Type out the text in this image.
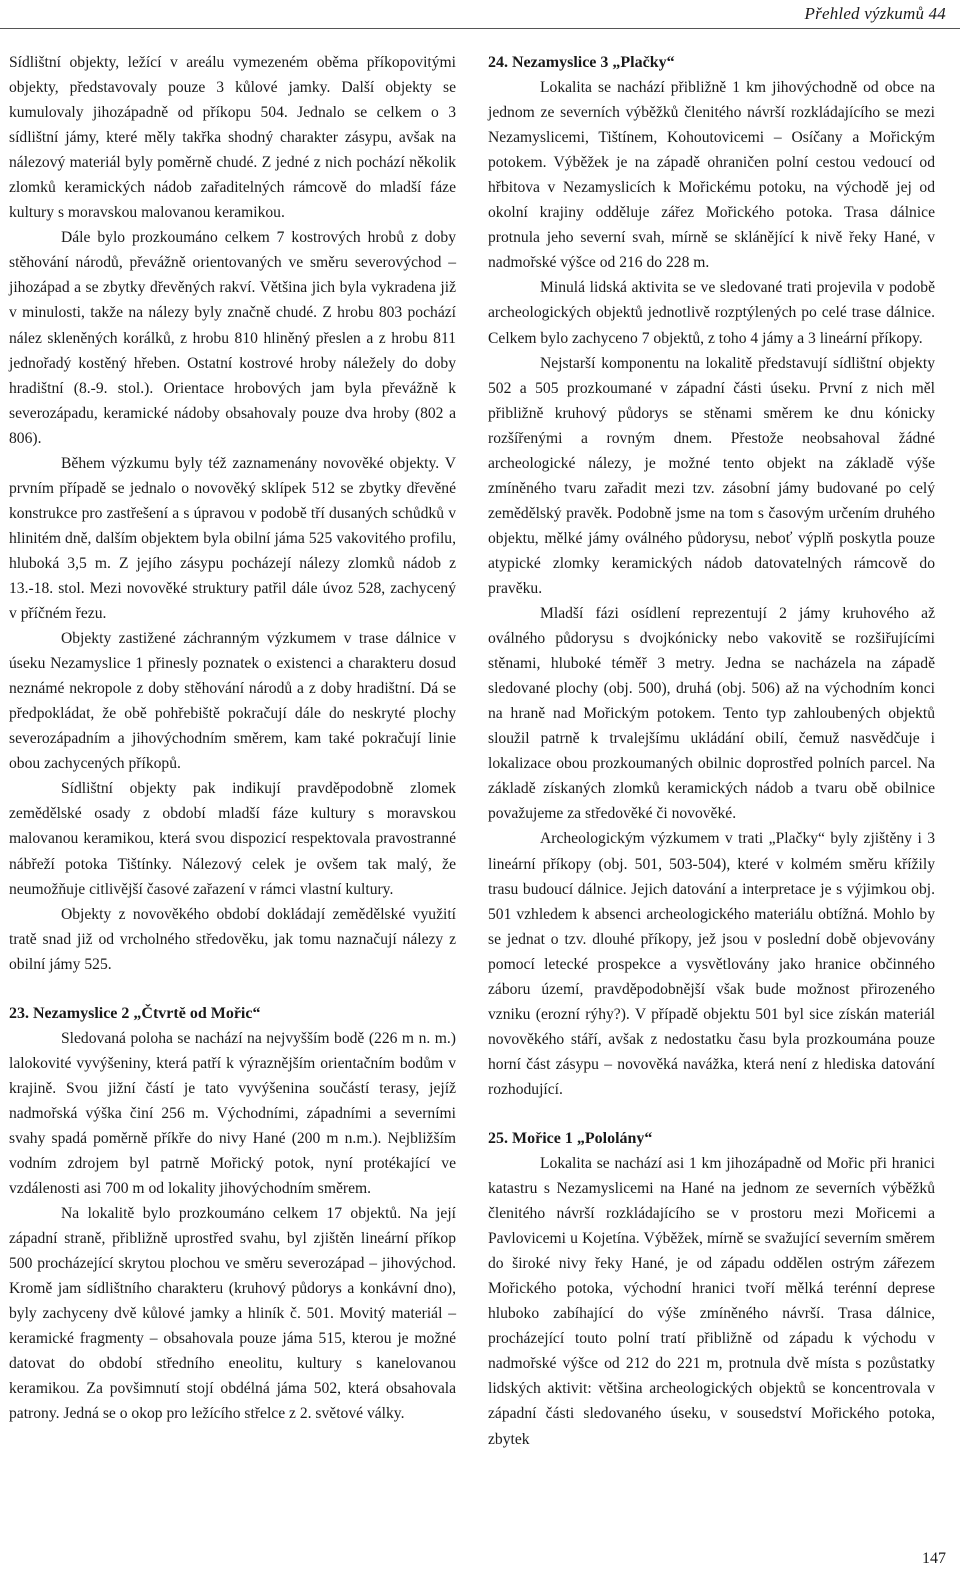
Přehled výzkumů 44

Sídlištní objekty, ležící v areálu vymezeném oběma příkopovitými objekty, představovaly pouze 3 kůlové jamky. Další objekty se kumulovaly jihozápadně od příkopu 504. Jednalo se celkem o 3 sídlištní jámy, které měly takřka shodný charakter zásypu, avšak na nálezový materiál byly poměrně chudé. Z jedné z nich pochází několik zlomků keramických nádob zařaditelných rámcově do mladší fáze kultury s moravskou malovanou keramikou.

Dále bylo prozkoumáno celkem 7 kostrových hrobů z doby stěhování národů, převážně orientovaných ve směru severovýchod – jihozápad a se zbytky dřevěných rakví. Většina jich byla vykradena již v minulosti, takže na nálezy byly značně chudé. Z hrobu 803 pochází nález skleněných korálků, z hrobu 810 hliněný přeslen a z hrobu 811 jednořadý kostěný hřeben. Ostatní kostrové hroby náležely do doby hradištní (8.-9. stol.). Orientace hrobových jam byla převážně k severozápadu, keramické nádoby obsahovaly pouze dva hroby (802 a 806).

Během výzkumu byly též zaznamenány novověké objekty. V prvním případě se jednalo o novověký sklípek 512 se zbytky dřevěné konstrukce pro zastřešení a s úpravou v podobě tří dusaných schůdků v hlinitém dně, dalším objektem byla obilní jáma 525 vakovitého profilu, hluboká 3,5 m. Z jejího zásypu pocházejí nálezy zlomků nádob z 13.-18. stol. Mezi novověké struktury patřil dále úvoz 528, zachycený v příčném řezu.

Objekty zastižené záchranným výzkumem v trase dálnice v úseku Nezamyslice 1 přinesly poznatek o existenci a charakteru dosud neznámé nekropole z doby stěhování národů a z doby hradištní. Dá se předpokládat, že obě pohřebiště pokračují dále do neskryté plochy severozápadním a jihovýchodním směrem, kam také pokračují linie obou zachycených příkopů.

Sídlištní objekty pak indikují pravděpodobně zlomek zemědělské osady z období mladší fáze kultury s moravskou malovanou keramikou, která svou dispozicí respektovala pravostranné nábřeží potoka Tištínky. Nálezový celek je ovšem tak malý, že neumožňuje citlivější časové zařazení v rámci vlastní kultury.

Objekty z novověkého období dokládají zemědělské využití tratě snad již od vrcholného středověku, jak tomu naznačují nálezy z obilní jámy 525.

23. Nezamyslice 2 „Čtvrtě od Mořic“

Sledovaná poloha se nachází na nejvyšším bodě (226 m n. m.) lalokovité vyvýšeniny, která patří k výraznějším orientačním bodům v krajině. Svou jižní částí je tato vyvýšenina součástí terasy, jejíž nadmořská výška činí 256 m. Východními, západními a severními svahy spadá poměrně příkře do nivy Hané (200 m n.m.). Nejbližším vodním zdrojem byl patrně Mořický potok, nyní protékající ve vzdálenosti asi 700 m od lokality jihovýchodním směrem.

Na lokalitě bylo prozkoumáno celkem 17 objektů. Na její západní straně, přibližně uprostřed svahu, byl zjištěn lineární příkop 500 procházející skrytou plochou ve směru severozápad – jihovýchod. Kromě jam sídlištního charakteru (kruhový půdorys a konkávní dno), byly zachyceny dvě kůlové jamky a hliník č. 501. Movitý materiál – keramické fragmenty – obsahovala pouze jáma 515, kterou je možné datovat do období středního eneolitu, kultury s kanelovanou keramikou. Za povšimnutí stojí obdélná jáma 502, která obsahovala patrony. Jedná se o okop pro ležícího střelce z 2. světové války.

24. Nezamyslice 3 „Plačky“

Lokalita se nachází přibližně 1 km jihovýchodně od obce na jednom ze severních výběžků členitého návrší rozkládajícího se mezi Nezamyslicemi, Tištínem, Kohoutovicemi – Osíčany a Mořickým potokem. Výběžek je na západě ohraničen polní cestou vedoucí od hřbitova v Nezamyslicích k Mořickému potoku, na východě jej od okolní krajiny odděluje zářez Mořického potoka. Trasa dálnice protnula jeho severní svah, mírně se sklánějící k nivě řeky Hané, v nadmořské výšce od 216 do 228 m.

Minulá lidská aktivita se ve sledované trati projevila v podobě archeologických objektů jednotlivě rozptýlených po celé trase dálnice. Celkem bylo zachyceno 7 objektů, z toho 4 jámy a 3 lineární příkopy.

Nejstarší komponentu na lokalitě představují sídlištní objekty 502 a 505 prozkoumané v západní části úseku. První z nich měl přibližně kruhový půdorys se stěnami směrem ke dnu kónicky rozšířenými a rovným dnem. Přestože neobsahoval žádné archeologické nálezy, je možné tento objekt na základě výše zmíněného tvaru zařadit mezi tzv. zásobní jámy budované po celý zemědělský pravěk. Podobně jsme na tom s časovým určením druhého objektu, mělké jámy oválného půdorysu, neboť výplň poskytla pouze atypické zlomky keramických nádob datovatelných rámcově do pravěku.

Mladší fázi osídlení reprezentují 2 jámy kruhového až oválného půdorysu s dvojkónicky nebo vakovitě se rozšiřujícími stěnami, hluboké téměř 3 metry. Jedna se nacházela na západě sledované plochy (obj. 500), druhá (obj. 506) až na východním konci na hraně nad Mořickým potokem. Tento typ zahloubených objektů sloužil patrně k trvalejšímu ukládání obilí, čemuž nasvědčuje i lokalizace obou prozkoumaných obilnic doprostřed polních parcel. Na základě získaných zlomků keramických nádob a tvaru obě obilnice považujeme za středověké či novověké.

Archeologickým výzkumem v trati „Plačky“ byly zjištěny i 3 lineární příkopy (obj. 501, 503-504), které v kolmém směru křížily trasu budoucí dálnice. Jejich datování a interpretace je s výjimkou obj. 501 vzhledem k absenci archeologického materiálu obtížná. Mohlo by se jednat o tzv. dlouhé příkopy, jež jsou v poslední době objevovány pomocí letecké prospekce a vysvětlovány jako hranice občinného záboru území, pravděpodobnější však bude možnost přirozeného vzniku (erozní rýhy?). V případě objektu 501 byl sice získán materiál novověkého stáří, avšak z nedostatku času byla prozkoumána pouze horní část zásypu – novověká navážka, která není z hlediska datování rozhodující.

25. Mořice 1 „Pololány“

Lokalita se nachází asi 1 km jihozápadně od Mořic při hranici katastru s Nezamyslicemi na Hané na jednom ze severních výběžků členitého návrší rozkládajícího se v prostoru mezi Mořicemi a Pavlovicemi u Kojetína. Výběžek, mírně se svažující severním směrem do široké nivy řeky Hané, je od západu oddělen ostrým zářezem Mořického potoka, východní hranici tvoří mělká terénní deprese hluboko zabíhající do výše zmíněného návrší. Trasa dálnice, procházející touto polní tratí přibližně od západu k východu v nadmořské výšce od 212 do 221 m, protnula dvě místa s pozůstatky lidských aktivit: většina archeologických objektů se koncentrovala v západní části sledovaného úseku, v sousedství Mořického potoka, zbytek

147
